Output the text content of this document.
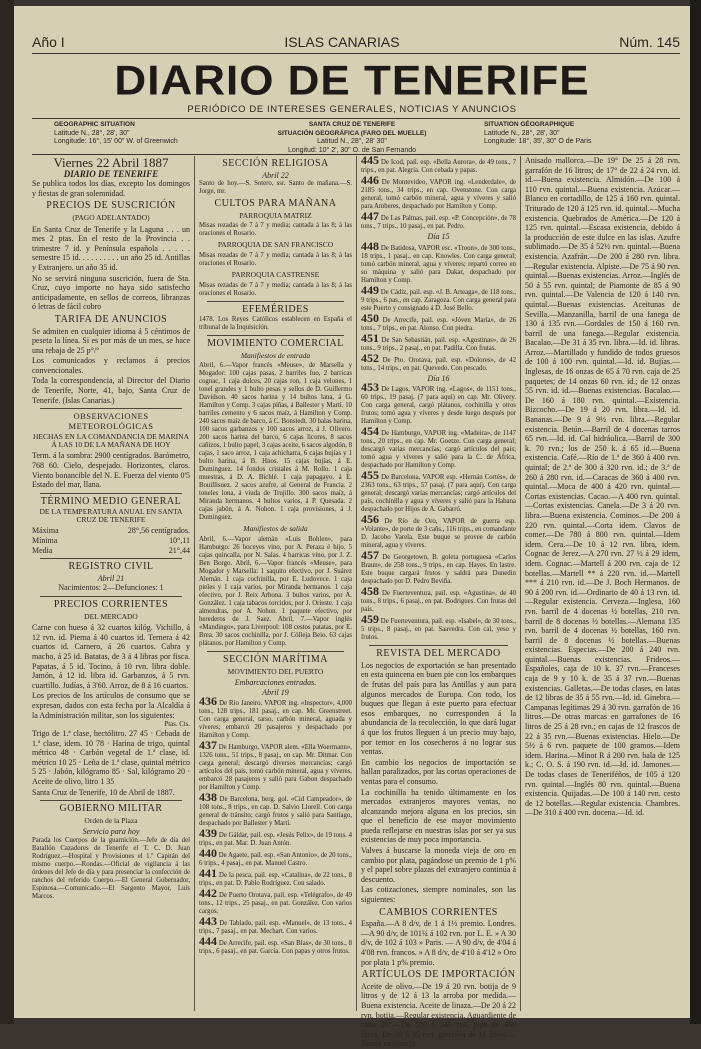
Año I	ISLAS CANARIAS	Núm. 145
DIARIO DE TENERIFE
PERIÓDICO DE INTERESES GENERALES, NOTICIAS Y ANUNCIOS
GEOGRAPHIC SITUATION
Latitude N., 28°, 28', 30"
Longitude: 16°, 15' 00" W. of Greenwich
SANTA CRUZ DE TENERIFE
SITUACIÓN GEOGRÁFICA (FARO DEL MUELLE)
Latitud N., 28°, 28' 30"
Longitud: 10° 2', 30" O. de San Fernando
SITUATION GÉOGRAPHIQUE
Latitude N., 28°, 28', 30"
Longitude: 18°, 35', 30" O de Paris
Viernes 22 Abril 1887
DIARIO DE TENERIFE

Se publica todos los días, excepto los domingos y fiestas de gran solemnidad.

PRECIOS DE SUSCRICIÓN
(PAGO ADELANTADO)

En Santa Cruz de Tenerife y la Laguna . . . un mes 2 ptas. En el resto de la Provincia . . trimestre 7 id. y Península española . . . . . semestre 15 id. . . . . . . . . . un año 25 id. Antillas y Extranjero. un año 35 id.

No se servirá ninguna suscrición, fuera de Sta. Cruz, cuyo importe no haya sido satisfecho anticipadamente, en sellos de correos, libranzas ó letras de fácil cobro

TARIFA DE ANUNCIOS

Se admiten en cualquier idioma á 5 céntimos de peseta la línea. Si es por más de un mes, se hace una rebaja de 25 p°/°

Los comunicados y reclamos á precios convencionales.

Toda la correspondencia, al Director del Diario de Tenerife, Norte, 41, bajo, Santa Cruz de Tenerife. (Islas Canarias.)

OBSERVACIONES METEOROLÓGICAS
HECHAS EN LA COMANDANCIA DE MARINA Á LAS 10 DE LA MAÑANA DE HOY

Term. á la sombra: 2900 centígrados. Barómetro, 768 60. Cielo, despejado. Horizontes, claros. Viento bonancible del N. E. Fuerza del viento 0'5 Estado del mar, llana.

TÉRMINO MEDIO GENERAL
DE LA TEMPERATURA ANUAL EN SANTA CRUZ DE TENERIFE
Máxima	28°,56 centígrados.
Mínima	10°,11
Media	21°,44
REGISTRO CIVIL
Abril 21

Nacimientos: 2—Defunciones: 1

PRECIOS CORRIENTES
DEL MERCADO

Carne con hueso á 32 cuartos kilóg. Vichillo, á 12 rvn. id. Pierna á 40 cuartos id. Ternera á 42 cuartos id. Carnero, á 26 cuartos. Cabra y macho, á 25 id. Batatas, de 3 á 4 libras por fisca. Papatas, á 5 id. Tocino, á 10 rvn. libra doble. Jamón, á 12 id. libra id. Garbanzos, á 5 rvn. cuartillo. Judías, á 3'60. Arroz, de 8 á 16 cuartos.

Los precios de los artículos de consumo que se expresan, dados con esta fecha por la Alcaldía á la Administración militar, son los siguientes:

Ptas. Cts.

Trigo de 1.ª clase, hectólitro. 27 45 · Cebada de 1.ª clase, idem. 10 78 · Harina de trigo, quintal métrico 48 · Carbón vegetal de 1.ª clase, id. métrico 10 25 · Leña de 1.ª clase, quintal métrico 5 25 · Jabón, kilógramo 85 · Sal, kilógramo 20 · Aceite de olivo, litro 1 35

Santa Cruz de Tenerife, 10 de Abril de 1887.

GOBIERNO MILITAR
Orden de la Plaza
Servicio para hoy

Parada los Cuerpos de la guarnición.—Jefe de día del Batallón Cazadores de Tenerife el T. C. D. Juan Rodríguez.—Hospital y Provisiones el 1.º Capitán del mismo cuerpo.—Rondas.—Oficial de vigilancia á las órdenes del Jefe de día y para presenciar la confección de ranchos del referido Cuerpo.—El General Gobernador, Espinosa.—Comunicado.—El Sargento Mayor, Luis Marcos.

SECCIÓN RELIGIOSA
Abril 22

Santo de hoy.—S. Sotero, ssr. Santo de mañana.—S. Jorge, mr.

CULTOS PARA MAÑANA
PARROQUIA MATRIZ

Misas rezadas de 7 á 7 y media; cantada á las 8; á las oraciones el Rosario.

PARROQUIA DE SAN FRANCISCO

Misas rezadas de 7 á 7 y media; cantada á las 8; á las oraciones el Rosario.

PARROQUIA CASTRENSE

Misas rezadas de 7 á 7 y media; cantada á las 8; á las oraciones el Rosario.

EFEMÉRIDES

1478. Los Reyes Católicos establecen en España el tribunal de la Inquisición.

MOVIMIENTO COMERCIAL
Manifiestos de entrada

Abril, 6.—Vapor francés «Meuse», de Marsella y Mogador: 100 cajas pasas, 2 barriles fuo, 2 barricas cognac, 1 caja dulces, 20 cajas ron, 1 caja velones, 1 tonel grandes y 1 bulto pesas y sellos de D. Guillermo Davidson. 40 sacos harina y 14 bultos lana, á G. Hamilton y Comp. 3 cajas piñas, á Ballester y Martí. 10 barriles cemento y 6 sacos maíz, á Hamilton y Comp. 240 sacos maíz de barco, á C. Bonstedt. 30 balas harina, 100 sacos garbanzos y 100 sacos arroz, á J. Olivero. 200 sacos harina del barco, 6 cajas licores, 8 sacos cañizos, 1 bulto papel, 3 cajas aceite, 6 sacos algodón, 8 cajas, 1 saco arroz, 1 caja achicharra, 6 cajas bujías y 1 bulto harina, á B. Hnos. 15 cajas bujías, á E. Domínguez. 14 fondos cristales á M. Rollo. 1 caja muestras, á D. A. Bichlé. 1 caja papagayo, á E. Bouillisuez. 2 sacos azufre, al General de Francia. 2 toneles lona, á viuda de Trujillo. 300 sacos maíz, á Miranda hermanos. 4 bultos varios, á P. Quesada. 2 cajas jabón, á A. Nohon. 1 caja provisiones, á J. Domínguez.

Manifiestos de salida

Abril, 6.—Vapor alemán «Luis Bohlen», para Hamburgo: 26 boceyes vino, por A. Peraza é hijo. 5 cajas quincalla, por N. Salas. 4 barricas vino, por J. Z. Ben Borgo. Abril, 6.—Vapor francés «Meuse», para Mogador y Marsella: 1 saquito efectivo, por J. Suárez Alemán. 1 caja cochinilla, por E. Ludovece. 1 caja pieles y 1 caja varios, por Miranda hermanos. 1 caja efectivo, por J. Reix Arbona. 3 bultos varios, por A. González. 1 caja tabacos torcidos, por J. Orieste. 1 caja almendras, por A. Nohon. 1 paquete efectivo, por herederos de J. Saez. Abril, 7.—Vapor inglés «Mandingo», para Liverpool: 108 cestos patatas, por E. Brea. 30 sacos cochinilla, por J. Cólleja Beio. 63 cajas plátanos, por Hamilton y Comp.

SECCIÓN MARÍTIMA
MOVIMIENTO DEL PUERTO
Embarcaciones entradas.
Abril 19

436 De Río Janeiro, VAPOR ing. «Inspector», 4,000 tons., 128 trips., 181 pasaj., en cap. Mr. Greenstreet. Con carga general, tarso, carbón mineral, aguada y víveres; embarcó 20 pasajeros y despachado por Hamilton y Comp.

437 De Hamburgo, VAPOR alem. «Ella Woermann», 1326 tons., 51 trips., 8 pasaj., en cap. Mr. Ditmar. Con carga general; descargó diversos mercancías; cargó artículos del país, tomó carbón mineral, agua y víveres, embarcó 28 pasajeros y salió para Gabon despachado por Hamilton y Comp.

438 De Barcelona, berg. gol. «Cid Campeador», de 108 tons., 8 trips., en cap. D. Salvio Llorell. Con carga general de tránsito; cargó frutos y salió para Santiago, despachado por Ballester y Martí.

439 De Gáldar, pail. esp. «Jesús Felix», de 19 tons. 4 trips., en pat. Mar. D. Juan Antón.

440 De Agaete, pail. esp. «San Antonio», de 20 tons., 6 trips., 4 pasaj., en pat. Manuel Castro.

441 De la pesca, pail. esp. «Catalina», de 22 tons., 8 trips., en pat. D. Pablo Rodríguez. Con salado.

442 De Puerto Orotava, pail. esp. «Telégrafo», de 49 tons., 12 trips., 25 pasaj., en pat. González. Con varios cargos.

443 De Tablado, pail. esp. «Manuel», de 13 tons., 4 trips., 7 pasaj., en pat. Mechart. Con varios.

444 De Arrecife, pail. esp. «San Blas», de 30 tons., 8 trips., 6 pasaj., en pat. García. Con papas y otros frutos.

445 De Icod, pail. esp. «Bella Aurora», de 49 tons., 7 trips., en pat. Alegría. Con cebada y papas.

446 De Montevideo, VAPOR ing. «Lenderdale», de 2185 tons., 34 trips., en cap. Ovenstone. Con carga general, tomó carbón mineral, agua y víveres y salió para Amberes, despachado por Hamilton y Comp.

447 De Las Palmas, pail. esp. «P. Concepción», de 78 tons., 7 trips., 10 pasaj., en pat. Pedro.

Día 15

448 De Batidosa, VAPOR esc. «Troon», de 300 tons., 18 trips., 1 pasaj., en cap. Knowles. Con carga general; tomó carbón mineral, agua y víveres; repartó correo en su máquina y salió para Dakar, despachado por Hamilton y Comp.

449 De Cádiz, pail. esp. «J. B. Arteaga», de 118 tons., 9 trips., 6 pas., en cap. Zaragoza. Con carga general para este Puerto y consignado á D. José Bello.

450 De Arrecife, pail. esp. «Jóven María», de 26 tons., 7 trips., en pat. Alonso. Con piedra.

451 De San Sebastián, pail. esp. «Agostinas», de 26 tons., 9 trips., 2 pasaj., en pat. Padilla. Con frutas.

452 De Pto. Orotava, pail. esp. «Dolores», de 42 tons., 14 trips., en pat. Quevedo. Con pescado.

Día 16

453 De Lagos, VAPOR ing. «Lagos», de 1151 tons., 60 trips., 19 pasaj. (7 para aquí) en cap. Mr. Olivery. Con carga general, cargó plátanos, cochinilla y otros frutos; tomó agua y víveres y desde luego después por Hamilton y Comp.

454 De Hamburgo, VAPOR ing. «Madeira», de 1147 tons., 20 trips., en cap. Mr. Goetze. Con carga general; descargó varias mercancías; cargó artículos del país; tomó agua y víveres y salió para la C. de África, despachado por Hamilton y Comp.

455 De Barcelona, VAPOR esp. «Hernán Cortés», de 2363 tons., 63 trips., 57 pasaj. (7 para aquí). Con carga general; descargó varias mercancías; cargó artículos del país, cochinilla y agua y víveres y salió para la Habana despachado por Hijos de A. Gabarró.

456 De Río de Oro, VAPOR de guerra esp. «Volante», de porte de 3 cañs., 116 trips., en comandante D. Jacobo Varela. Este buque se provee de carbón mineral, agua y víveres.

457 De Georgetown, B. goleta portuguesa «Carlos Braun», de 258 tons., 9 trips., en cap. Hayes. En lastre. Este buque cargará frutos y saldrá para Dunedin despachado por D. Pedro Beviña.

458 De Fuerteventura, pail. esp. «Agustina», de 40 tons., 8 trips., 6 pasaj., en pat. Bodrigues. Con frutas del país.

459 De Fuerteventura, pail. esp. «Isabel», de 30 tons., 5 trips., 8 pasaj., en pat. Saavedra. Con cal, yeso y frutos.

REVISTA DEL MERCADO

Los negocios de exportación se han presentado en esta quincena en buen pie con los embarques de frutas del país para las Antillas y aun para algunos mercados de Europa. Con todo, los buques que llegan á este puerto para efectuar esos embarques, no corresponden á la abundancia de la recolección, lo que dará lugar á que los frutos lleguen á un precio muy bajo, por temor en los cosecheros á no lograr sus ventas.

En cambio los negocios de importación se hallan paralizados, por las cortas operaciones de ventas para el consumo.

La cochinilla ha tenido últimamente en los mercados extranjeros mayores ventas, no alcanzando mejora alguna en los precios, sin que el beneficio de ese mayor movimiento pueda reflejarse en nuestras islas por ser ya sus existencias de muy poca importancia.

Valves á buscarse la moneda vieja de oro en cambio por plata, pagándose un premio de 1 p% y el papel sobre plazas del extranjero continúa á descuento.

Las cotizaciones, siempre nominales, son las siguientes:

CAMBIOS CORRIENTES

España.—A 8 d/v, de 1 á 1½ premio. Londres.—A 90 d/v, de 101¼ á 102 rvn. por L. E. » A 30 d/v, de 102 á 103 » Paris. — A 90 d/v, de 4'04 á 4'08 rvn. francos. » A 8 d/v, de 4'10 á 4'12 » Oro por plata 1 p% premio.

ARTÍCULOS DE IMPORTACIÓN

Aceite de olivo.—De 19 á 20 rvn. botija de 9 litros y de 12 á 13 la arroba por medida.—Buena existencia. Aceite de linaza.—De 20 á 22 rvn. botija.—Regular existencia. Aguardiente de caña 20°.—De 500 á 540 rvn. pipa de 450 litros. De 30 á 35 rvn. garrafón de 16 litros.—Buena existencia.

Anisado mallorca.—De 19° De 25 á 28 rvn. garrafón de 16 litros; de 17° de 22 á 24 rvn. id. id.—Buena existencia. Almidón.—De 100 á 110 rvn. quintal.—Buena existencia. Azúcar.—Blanco en cortadillo, de 125 á 160 rvn. quintal. Triturado de 120 á 125 rvn. id. quintal.—Mucha existencia. Quebrados de América.—De 120 á 125 rvn. quintal.—Escasa existencia, debido á la producción de este dulce en las islas. Azufre sublimado.—De 35 á 52½ rvn. quintal.—Buena existencia. Azafrán.—De 200 á 280 rvn. libra.—Regular existencia. Alpiste.—De 75 á 90 rvn. quintal.—Buenas existencias. Arroz.—Inglés de 50 á 55 rvn. quintal; de Piamonte de 85 á 90 rvn. quintal.—De Valencia de 120 á 140 rvn. quintal.—Buenas existencias. Aceitunas de Sevilla.—Manzanilla, barril de una fanega de 130 á 135 rvn.—Gordales de 150 á 160 rvn. barril de una fanega.—Regular existencia. Bacalao.—De 31 á 35 rvn. libra.—Id. id. libras. Arroz.—Martillado y fundido de todos gruesos de 100 á 100 rvn. quintal.—Id. id. Bujías.—Inglesas, de 16 onzas de 65 á 70 rvn. caja de 25 paquetes; de 14 onzas 60 rvn. id.; de 12 onzas 55 rvn. id. id.—Buenas existencias. Bacalao.—De 160 á 180 rvn. quintal.—Existencia. Bizcocho.—De 19 á 20 rvn. libra.—Id. id. Bananas.—De 9 á 9½ rvn. libra.—Regular existencia. Betún.—Barril de 4 docenas tarros 65 rvn.—Id. id. Cal hidráulica.—Barril de 300 k. 70 rvn.; los de 250 k. á 65 id.—Buena existencia. Café.—Río de 1.ª de 360 á 400 rvn. quintal; de 2.ª de 300 á 320 rvn. id.; de 3.ª de 260 á 280 rvn. id.—Caracas de 360 á 400 rvn. quintal.—Moca de 400 á 420 rvn. quintal.—Cortas existencias. Cacao.—A 400 rvn. quintal.—Cortas existencias. Canela.—De 3 á 20 rvn. libra.—Buena existencia. Cominos.—De 200 á 220 rvn. quintal.—Corta idem. Clavos de comer.—De 780 á 800 rvn. quintal.—Idem idem. Cera.—De 10 á 12 rvn. libra, idem. Cognac de Jerez.—A 270 rvn. 27 ½ á 29 idem, idem. Cognac.—Martell á 200 rvn. caja de 12 botellas.—Martell ** á 220 rvn. id.—Martell *** á 210 rvn. id.—De J. Boch Hermanos. de 90 á 200 rvn. id.—Ordinario de 40 á 13 rvn. id.—Regular existencia. Cerveza.—Inglesa, 160 rvn. barril de 4 docenas ½ botellas, 210 rvn. barril de 8 docenas ½ botellas.—Alemana 135 rvn. barril de 4 docenas ½ botellas, 160 rvn. barril de 8 docenas ½ botellas.—Buenas existencias. Especias.—De 200 á 240 rvn. quintal.—Buenas existencias. Frideos.—Españoles, caja de 10 k. 37 rvn.—Franceses caja de 9 y 10 k. de 35 á 37 rvn.—Buenas existencias. Galletas.—De todas clases, en latas de 12 libras de 35 á 55 rvn.—Id. id. Ginebra.—Campanas legítimas 29 á 30 rvn. garrafón de 16 litros.—De otras marcas en garrafones de 16 litros de 25 á 28 rvn.; en cajas de 12 frascos de 22 á 35 rvn.—Buenas existencias. Hielo.—De 5½ á 6 rvn. paquete de 100 gramos.—Idem idem. Harina.—Minot R á 200 rvn. bala de 125 k.; C. O. S. á 190 rvn. id.—Id. id. Jamones.—De todas clases de Teneriféños, de 105 á 120 rvn. quintal.—Inglés 80 rvn. quintal.—Buena existencia. Quijadas.—De 100 á 140 rvn. cesto de 12 botellas.—Regular existencia. Chambres.—De 310 á 400 rvn. docena.—Id. id.
